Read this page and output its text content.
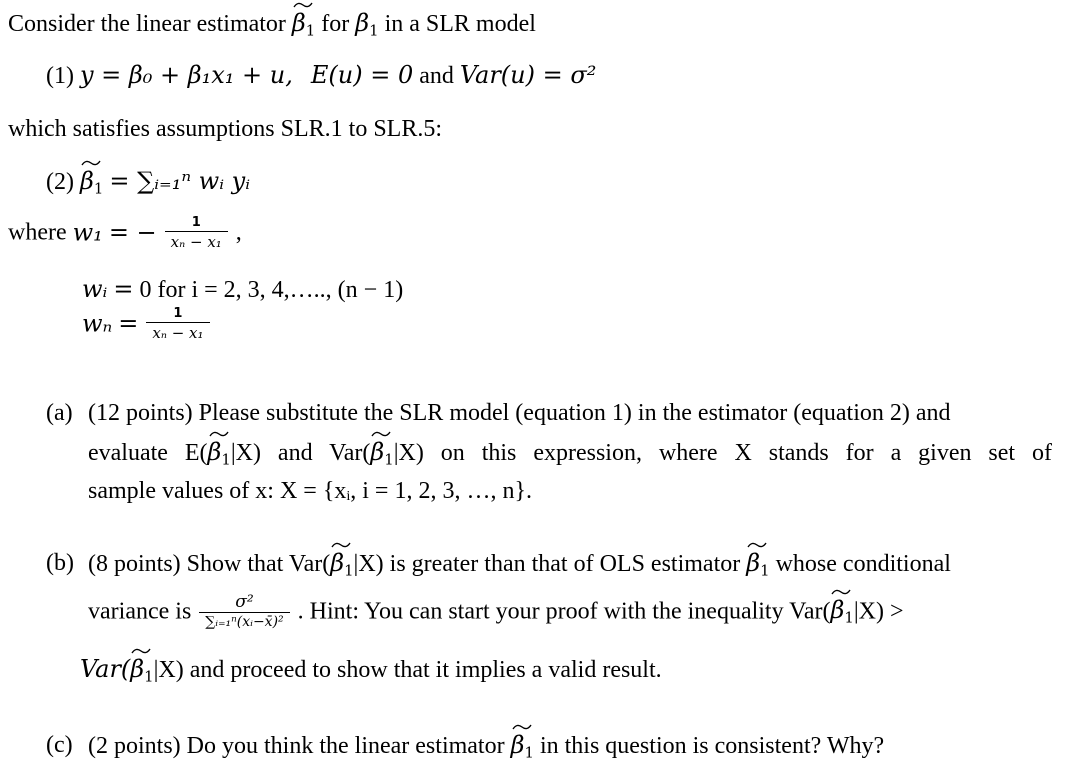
Consider the linear estimator $\beta_1$ for $\beta_1$ in a SLR model
(1) y = β₀ + β₁x₁ + u, E(u) = 0 and Var(u) = σ²
which satisfies assumptions SLR.1 to SLR.5:
(2) $\beta_1$ = ∑ᵢ₌₁ⁿ wᵢ yᵢ
where w₁ = − $\frac{1}{\text{xₙ − x₁}}$ ,
wᵢ = 0 for i = 2, 3, 4,….., (n − 1)
$w_n = \frac{1}{\text{xₙ − x₁}}$
(a) (12 points) Please substitute the SLR model (equation 1) in the estimator (equation 2) and
evaluate E(
$\beta_1|X$) and Var(
$\beta_1|X$) on this expression, where X stands for a given set of
sample values of x: X = {xᵢ, i = 1, 2, 3, …, n}.
(b) (8 points) Show that Var(
$\beta_1|X$) is greater than that of OLS estimator $\beta_1$ whose conditional
variance is $\frac{\text{σ²}}{\text{∑ᵢ₌₁ⁿ(xᵢ−x̄)²}}$ . Hint: You can start your proof with the inequality Var(
$\beta_1|X$) >
Var(
$\beta_1|X$) and proceed to show that it implies a valid result.
(c) (2 points) Do you think the linear estimator $\beta_1$ in this question is consistent? Why?
